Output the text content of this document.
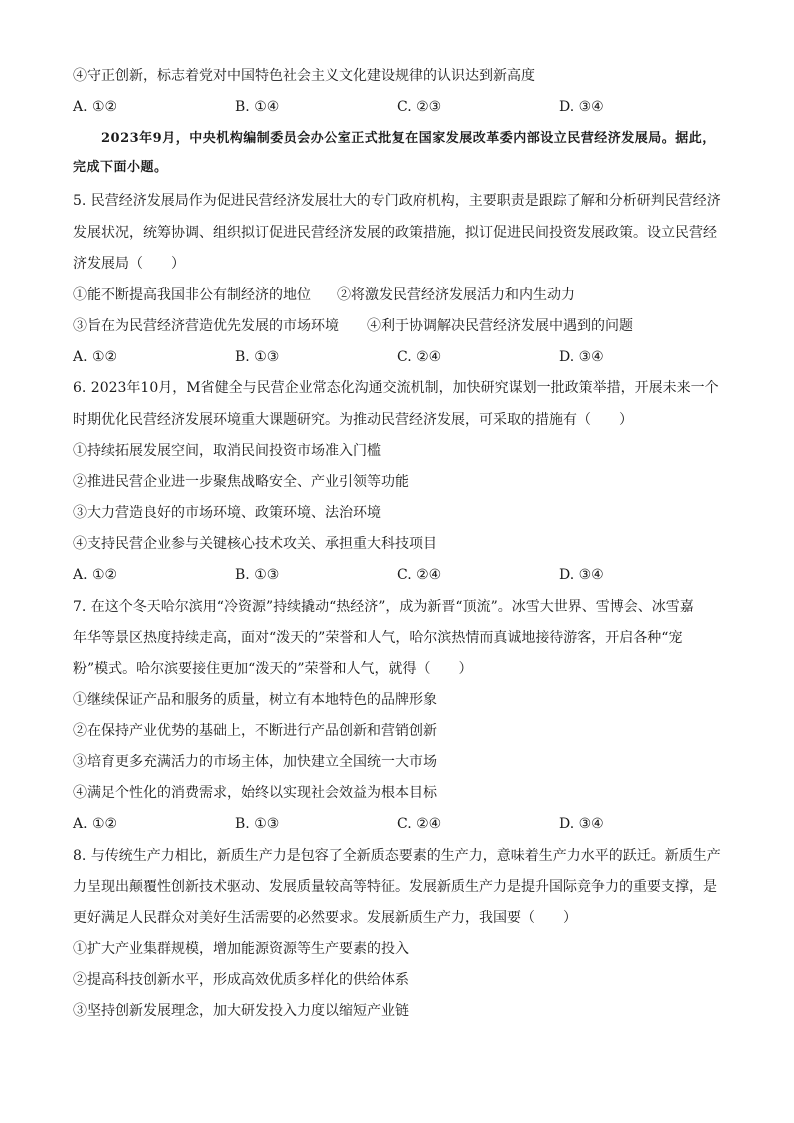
④守正创新，标志着党对中国特色社会主义文化建设规律的认识达到新高度
A. ①②	B. ①④	C. ②③	D. ③④
2023年9月，中央机构编制委员会办公室正式批复在国家发展改革委内部设立民营经济发展局。据此，
完成下面小题。
5. 民营经济发展局作为促进民营经济发展壮大的专门政府机构，主要职责是跟踪了解和分析研判民营经济
发展状况，统筹协调、组织拟订促进民营经济发展的政策措施，拟订促进民间投资发展政策。设立民营经
济发展局（　　）
①能不断提高我国非公有制经济的地位 ②将激发民营经济发展活力和内生动力
③旨在为民营经济营造优先发展的市场环境 ④利于协调解决民营经济发展中遇到的问题
A. ①②	B. ①③	C. ②④	D. ③④
6. 2023年10月，M省健全与民营企业常态化沟通交流机制，加快研究谋划一批政策举措，开展未来一个
时期优化民营经济发展环境重大课题研究。为推动民营经济发展，可采取的措施有（　　）
①持续拓展发展空间，取消民间投资市场准入门槛
②推进民营企业进一步聚焦战略安全、产业引领等功能
③大力营造良好的市场环境、政策环境、法治环境
④支持民营企业参与关键核心技术攻关、承担重大科技项目
A. ①②	B. ①③	C. ②④	D. ③④
7. 在这个冬天哈尔滨用“冷资源”持续撬动“热经济”，成为新晋“顶流”。冰雪大世界、雪博会、冰雪嘉
年华等景区热度持续走高，面对“泼天的”荣誉和人气，哈尔滨热情而真诚地接待游客，开启各种“宠
粉”模式。哈尔滨要接住更加“泼天的”荣誉和人气，就得（　　）
①继续保证产品和服务的质量，树立有本地特色的品牌形象
②在保持产业优势的基础上，不断进行产品创新和营销创新
③培育更多充满活力的市场主体，加快建立全国统一大市场
④满足个性化的消费需求，始终以实现社会效益为根本目标
A. ①②	B. ①③	C. ②④	D. ③④
8. 与传统生产力相比，新质生产力是包容了全新质态要素的生产力，意味着生产力水平的跃迁。新质生产
力呈现出颠覆性创新技术驱动、发展质量较高等特征。发展新质生产力是提升国际竞争力的重要支撑，是
更好满足人民群众对美好生活需要的必然要求。发展新质生产力，我国要（　　）
①扩大产业集群规模，增加能源资源等生产要素的投入
②提高科技创新水平，形成高效优质多样化的供给体系
③坚持创新发展理念，加大研发投入力度以缩短产业链
